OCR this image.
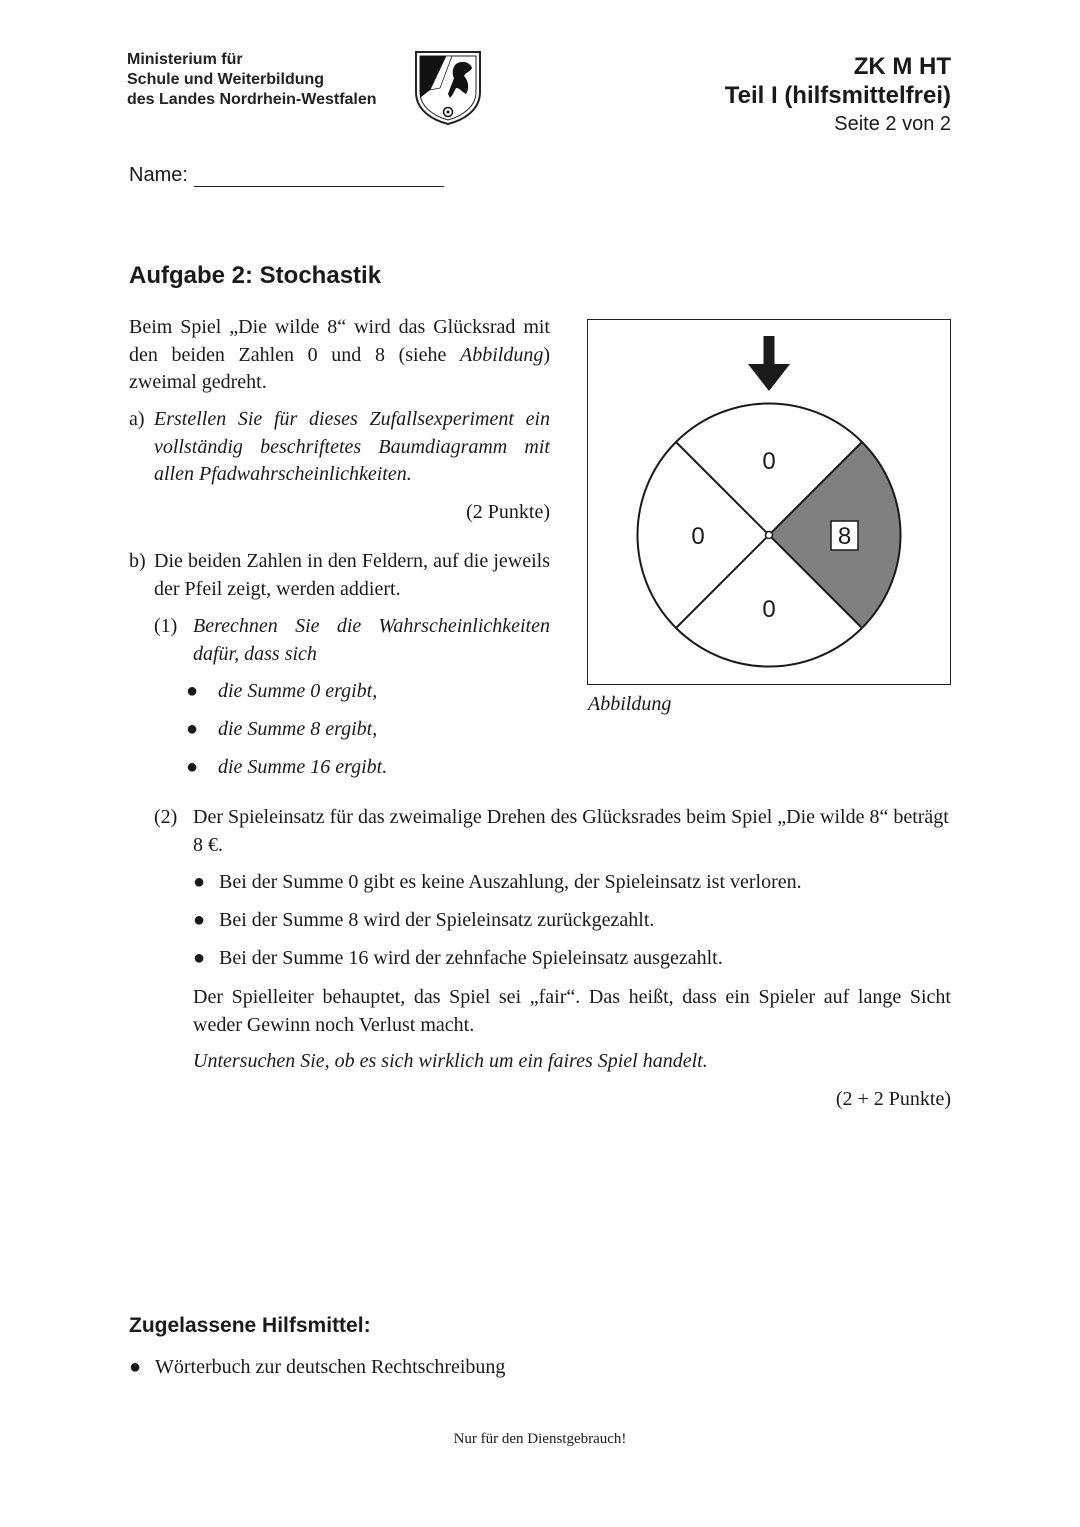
Ministerium für
Schule und Weiterbildung
des Landes Nordrhein-Westfalen
ZK M HT
Teil I (hilfsmittelfrei)
Seite 2 von 2
Name:
Aufgabe 2: Stochastik
Beim Spiel „Die wilde 8“ wird das Glücksrad mit den beiden Zahlen 0 und 8 (siehe Abbildung) zweimal gedreht.
a) Erstellen Sie für dieses Zufallsexperiment ein vollständig beschriftetes Baumdiagramm mit allen Pfadwahrscheinlichkeiten.
(2 Punkte)
b) Die beiden Zahlen in den Feldern, auf die jeweils der Pfeil zeigt, werden addiert.
(1) Berechnen Sie die Wahrscheinlichkeiten dafür, dass sich
● die Summe 0 ergibt,
● die Summe 8 ergibt,
● die Summe 16 ergibt.
0
0
0
8
Abbildung
(2) Der Spieleinsatz für das zweimalige Drehen des Glücksrades beim Spiel „Die wilde 8“ beträgt 8 €.
● Bei der Summe 0 gibt es keine Auszahlung, der Spieleinsatz ist verloren.
● Bei der Summe 8 wird der Spieleinsatz zurückgezahlt.
● Bei der Summe 16 wird der zehnfache Spieleinsatz ausgezahlt.
Der Spielleiter behauptet, das Spiel sei „fair“. Das heißt, dass ein Spieler auf lange Sicht weder Gewinn noch Verlust macht.
Untersuchen Sie, ob es sich wirklich um ein faires Spiel handelt.
(2 + 2 Punkte)
Zugelassene Hilfsmittel:
● Wörterbuch zur deutschen Rechtschreibung
Nur für den Dienstgebrauch!
